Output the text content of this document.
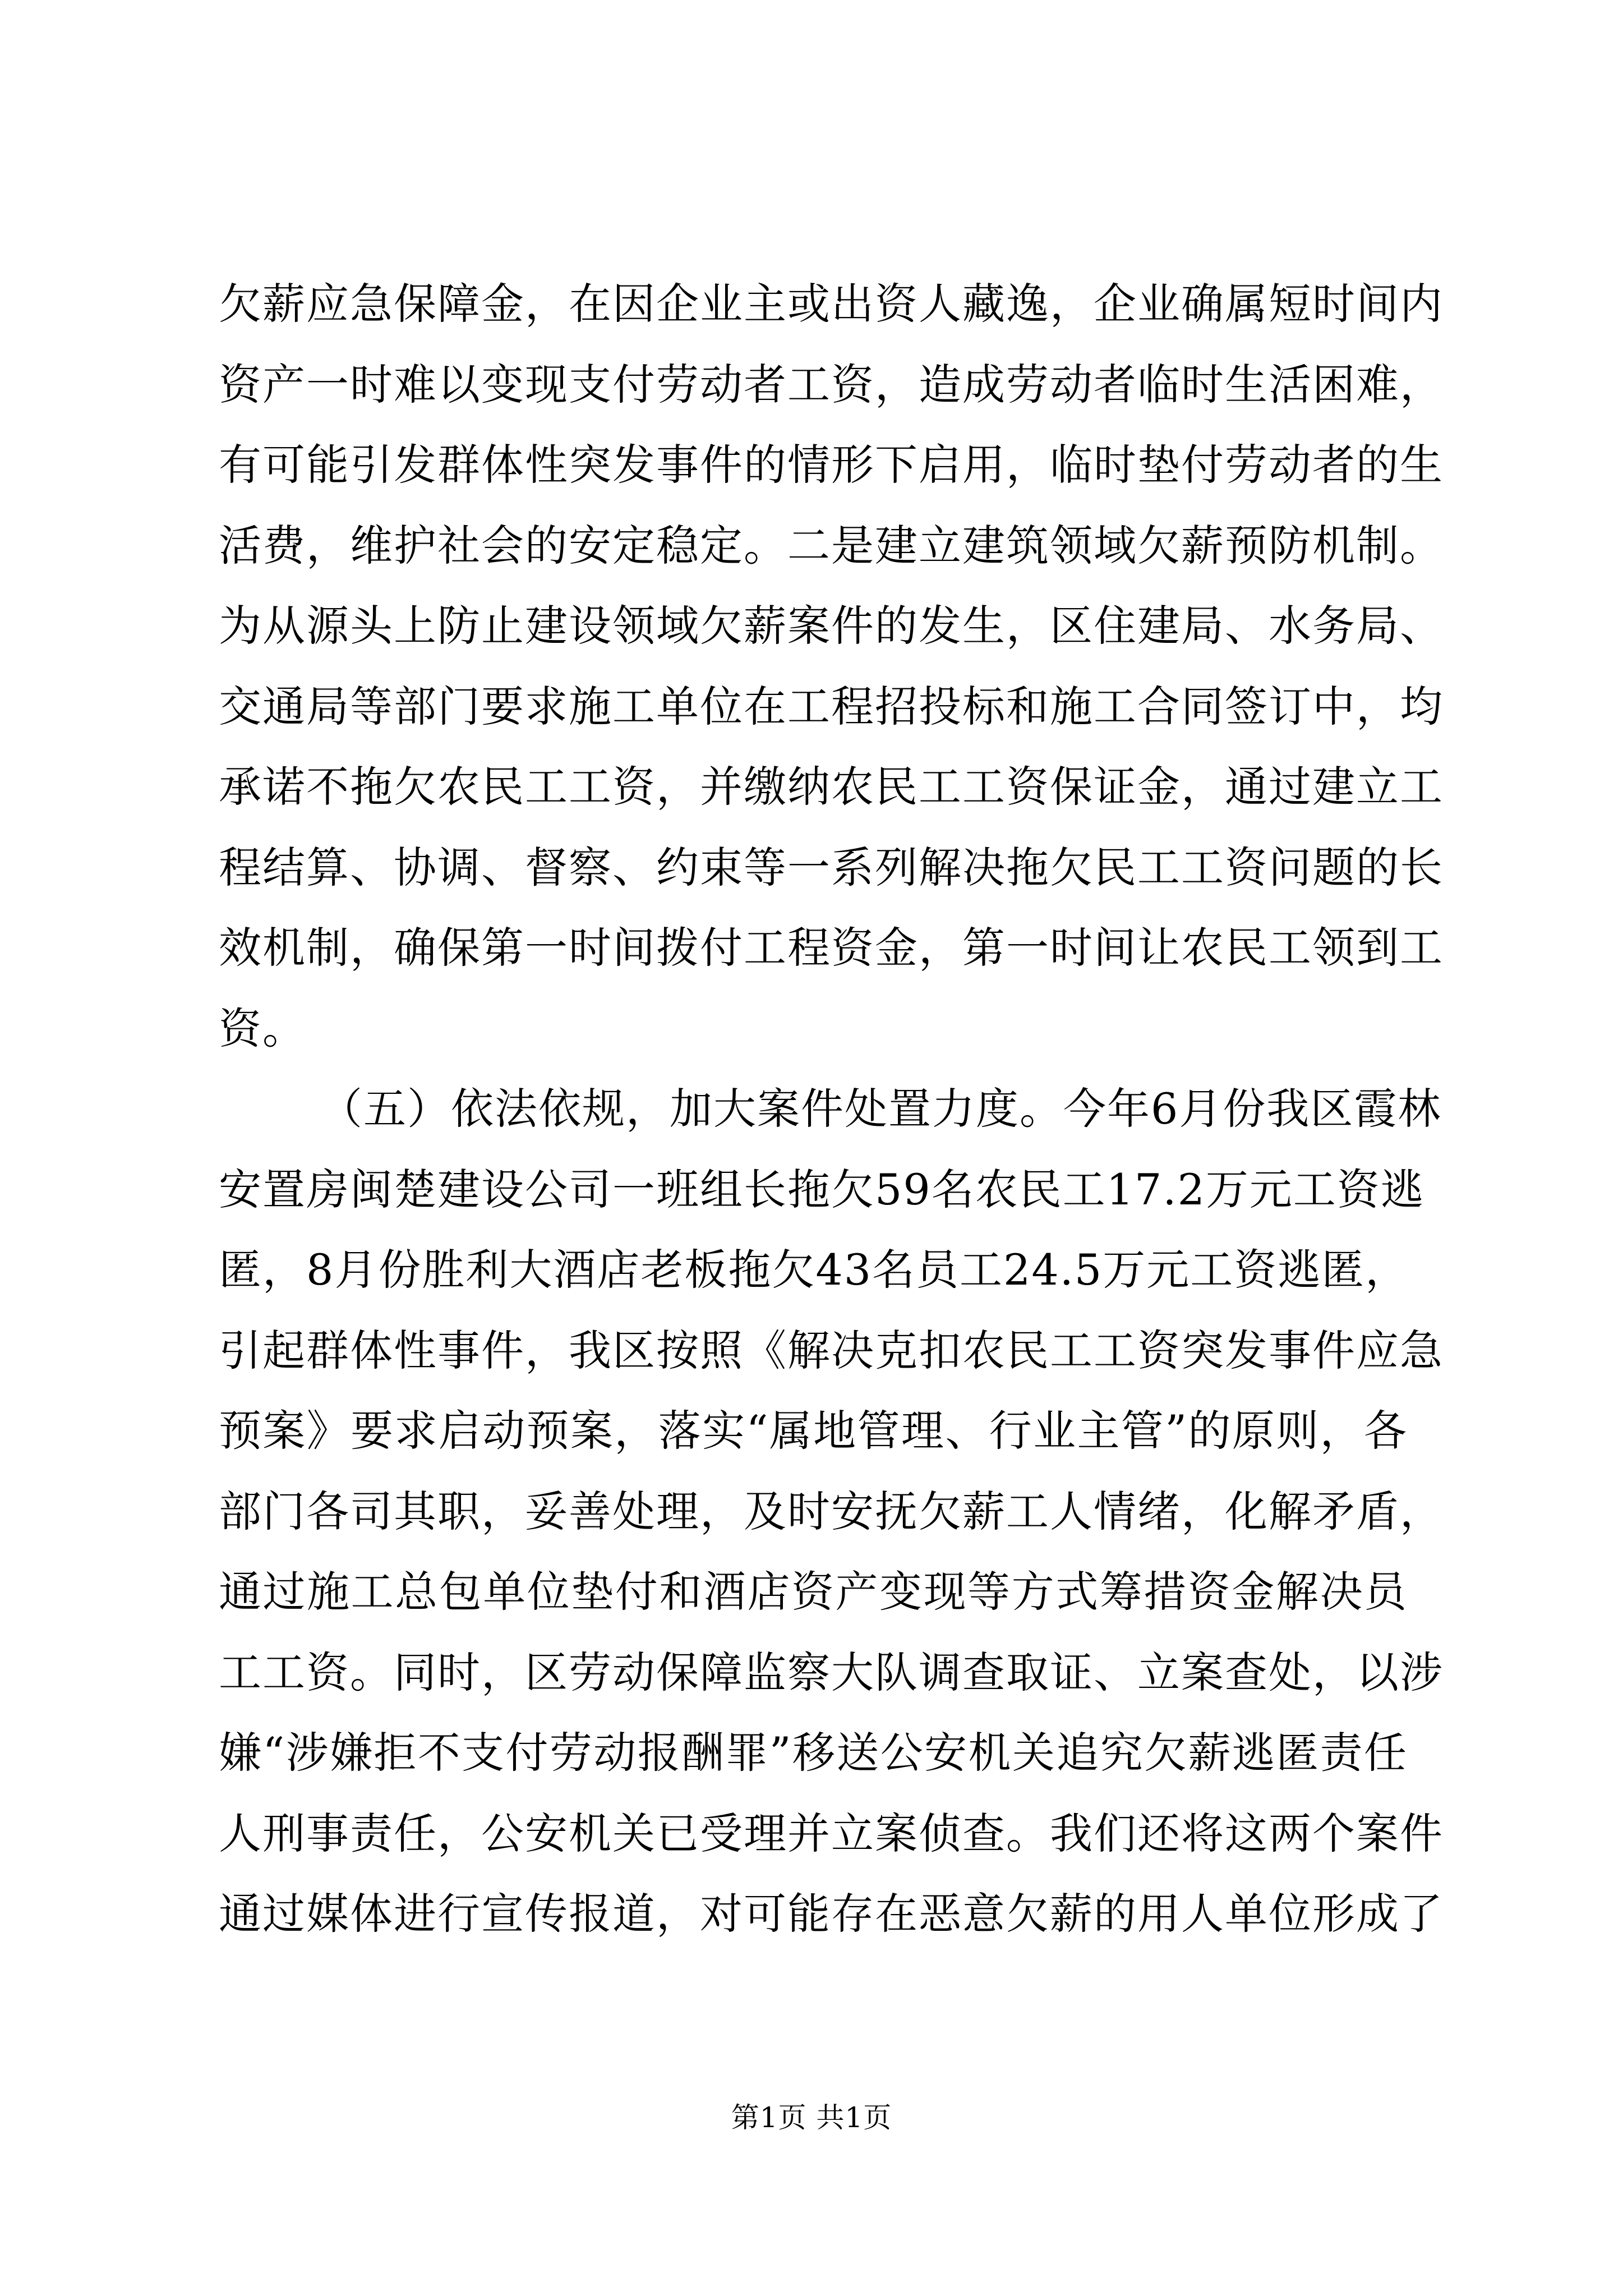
欠薪应急保障金，在因企业主或出资人藏逸，企业确属短时间内
资产一时难以变现支付劳动者工资，造成劳动者临时生活困难，
有可能引发群体性突发事件的情形下启用，临时垫付劳动者的生
活费，维护社会的安定稳定。二是建立建筑领域欠薪预防机制。
为从源头上防止建设领域欠薪案件的发生，区住建局、水务局、
交通局等部门要求施工单位在工程招投标和施工合同签订中，均
承诺不拖欠农民工工资，并缴纳农民工工资保证金，通过建立工
程结算、协调、督察、约束等一系列解决拖欠民工工资问题的长
效机制，确保第一时间拨付工程资金，第一时间让农民工领到工
资。
（五）依法依规，加大案件处置力度。今年6月份我区霞林
安置房闽楚建设公司一班组长拖欠59名农民工17.2万元工资逃
匿，8月份胜利大酒店老板拖欠43名员工24.5万元工资逃匿，
引起群体性事件，我区按照《解决克扣农民工工资突发事件应急
预案》要求启动预案，落实“属地管理、行业主管”的原则，各
部门各司其职，妥善处理，及时安抚欠薪工人情绪，化解矛盾，
通过施工总包单位垫付和酒店资产变现等方式筹措资金解决员
工工资。同时，区劳动保障监察大队调查取证、立案查处，以涉
嫌“涉嫌拒不支付劳动报酬罪”移送公安机关追究欠薪逃匿责任
人刑事责任，公安机关已受理并立案侦查。我们还将这两个案件
通过媒体进行宣传报道，对可能存在恶意欠薪的用人单位形成了
第1页 共1页
